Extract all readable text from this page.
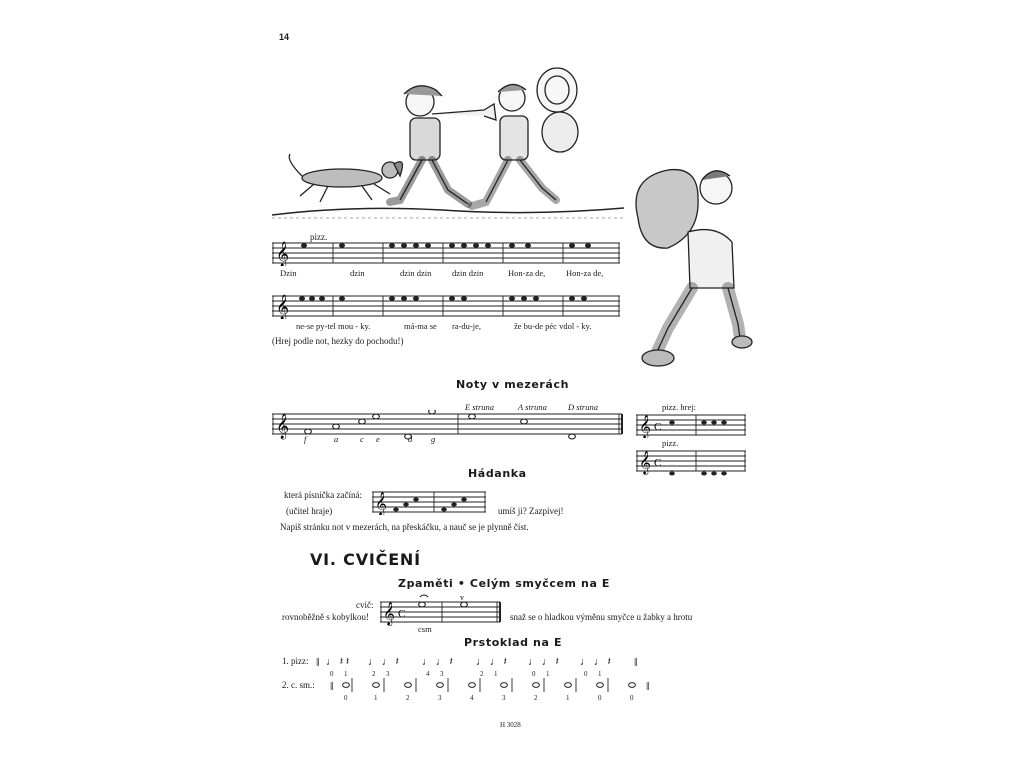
14
pizz.
𝄞
Dzin	dzin	dzin dzin dzin dzin	Hon-za de, Hon-za de,
𝄞
ne-se py-tel mou - ky.	má-ma se ra-du-je,	že bu-de péc vdol - ky.
(Hrej podle not, hezky do pochodu!)
Noty v mezerách
E struna	A struna D struna
𝄞
f	a	c e	d g
pizz. hrej:
𝄞 C
pizz.
𝄞 C
Hádanka
která písnička začíná:
(učitel hraje) 𝄞	umíš ji? Zazpívej!
Napiš stránku not v mezerách, na přeskáčku, a nauč se je plynně číst.
VI. CVIČENÍ
Zpaměti • Celým smyčcem na E
cvič:
rovnoběžně s kobylkou! 𝄞 C
v
csm
snaž se o hladkou výměnu smyčce u žabky a hrotu
Prstoklad na E
1. pizz: ‖ ♩ 𝄽 𝄽 ♩ ♩ 𝄽 ♩ ♩ 𝄽 ♩ ♩ 𝄽 ♩ ♩ 𝄽 ♩ ♩ 𝄽 ‖
0 1	2 3	4 3	2 1	0 1	0 1
2. c. sm.: ‖	‖
0	1	2	3	4	3	2	1	0	0
H 3028
